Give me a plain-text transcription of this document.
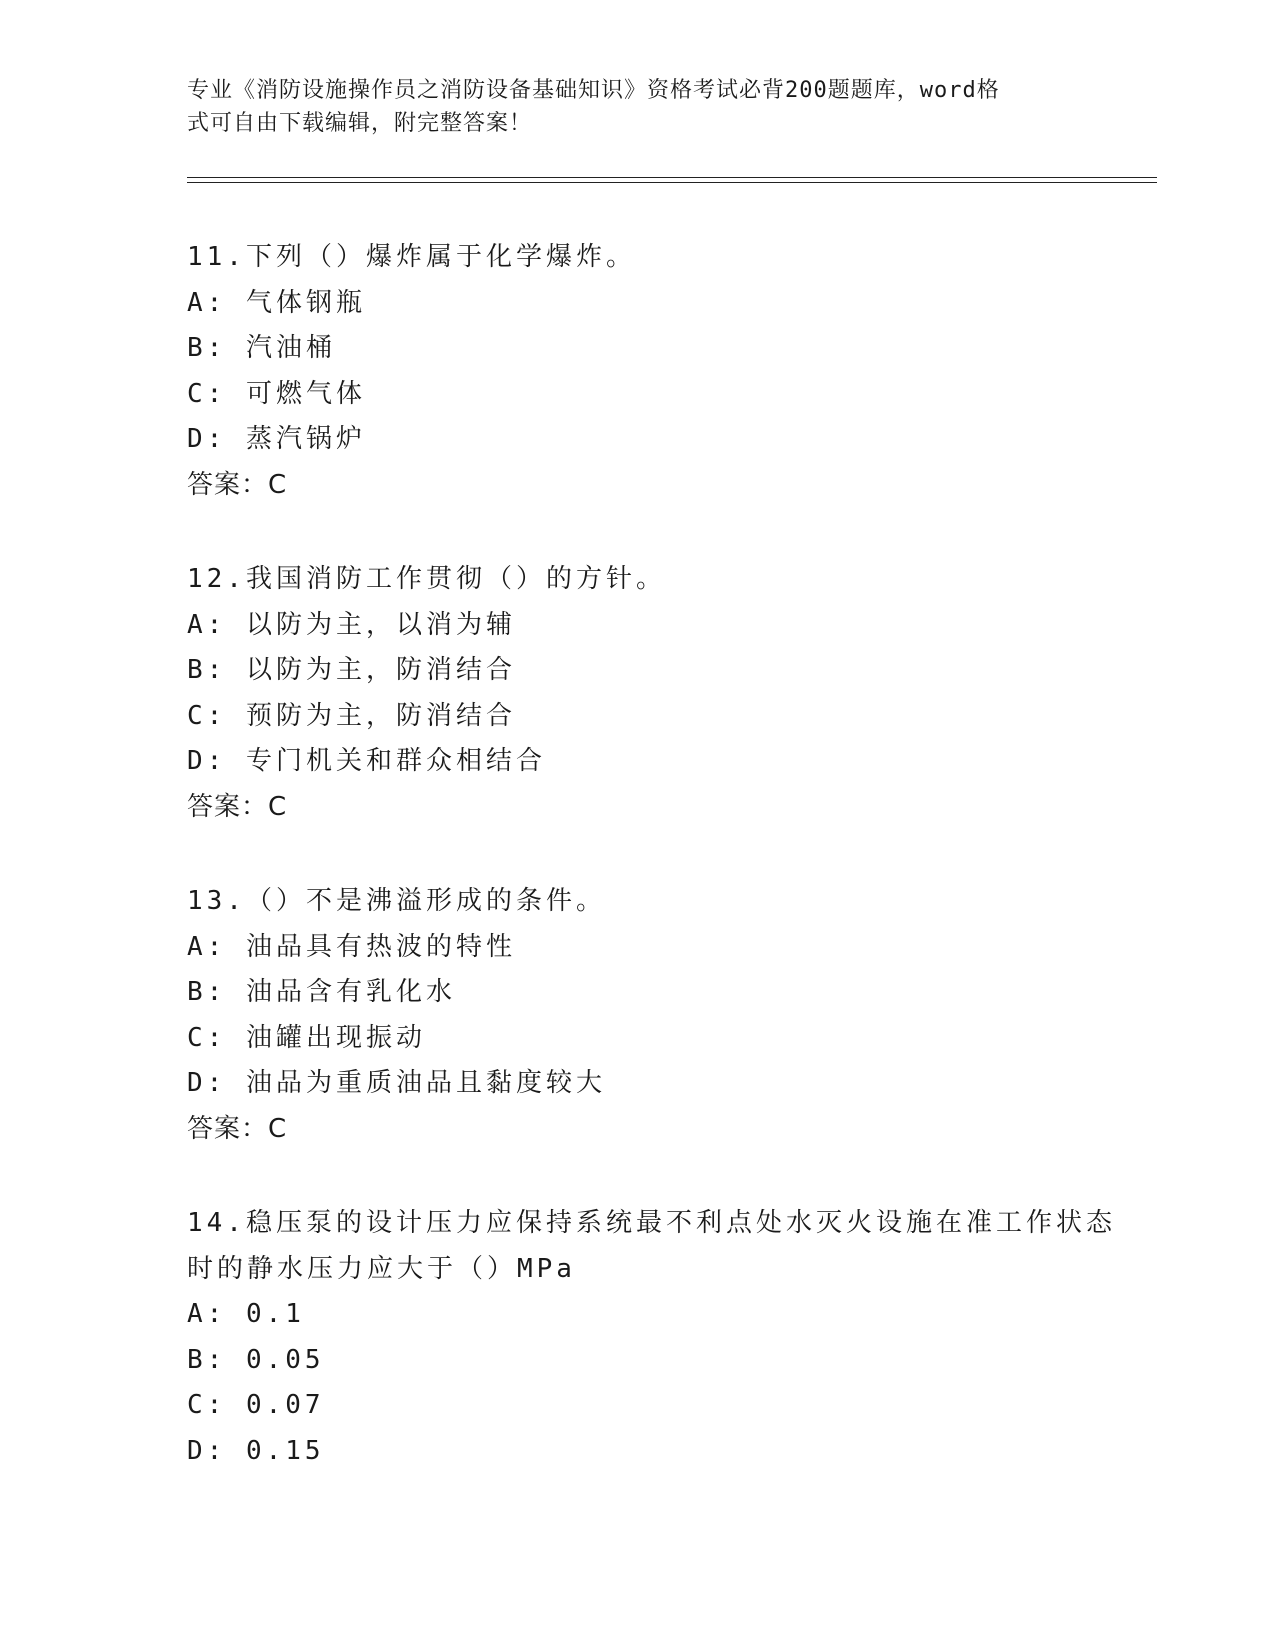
专业《消防设施操作员之消防设备基础知识》资格考试必背200题题库，word格
式可自由下载编辑，附完整答案！
11.下列（）爆炸属于化学爆炸。
A: 气体钢瓶
B: 汽油桶
C: 可燃气体
D: 蒸汽锅炉
答案：C
12.我国消防工作贯彻（）的方针。
A: 以防为主，以消为辅
B: 以防为主，防消结合
C: 预防为主，防消结合
D: 专门机关和群众相结合
答案：C
13.（）不是沸溢形成的条件。
A: 油品具有热波的特性
B: 油品含有乳化水
C: 油罐出现振动
D: 油品为重质油品且黏度较大
答案：C
14.稳压泵的设计压力应保持系统最不利点处水灭火设施在准工作状态
时的静水压力应大于（）MPa
A: 0.1
B: 0.05
C: 0.07
D: 0.15
